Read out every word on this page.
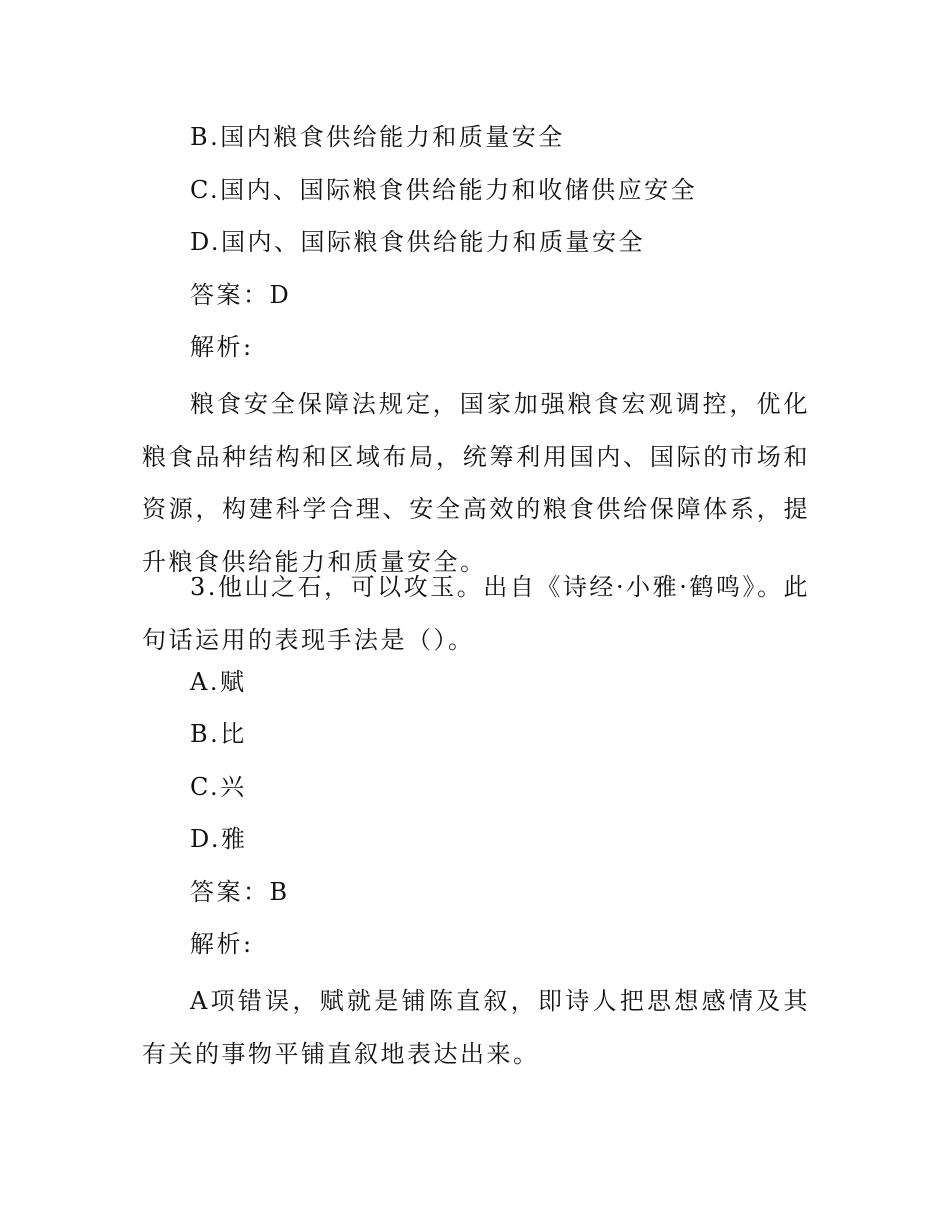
B.国内粮食供给能力和质量安全
C.国内、国际粮食供给能力和收储供应安全
D.国内、国际粮食供给能力和质量安全
答案：D
解析:
粮食安全保障法规定，国家加强粮食宏观调控，优化粮食品种结构和区域布局，统筹利用国内、国际的市场和资源，构建科学合理、安全高效的粮食供给保障体系，提升粮食供给能力和质量安全。
3.他山之石，可以攻玉。出自《诗经·小雅·鹤鸣》。此句话运用的表现手法是（）。
A.赋
B.比
C.兴
D.雅
答案：B
解析:
A项错误，赋就是铺陈直叙，即诗人把思想感情及其有关的事物平铺直叙地表达出来。
